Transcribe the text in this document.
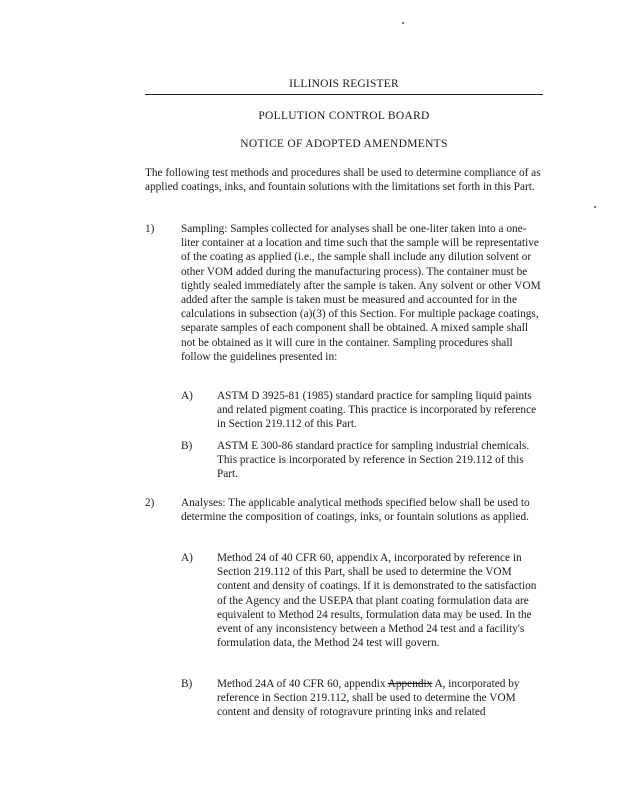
ILLINOIS REGISTER
POLLUTION CONTROL BOARD
NOTICE OF ADOPTED AMENDMENTS

The following test methods and procedures shall be used to determine compliance of as applied coatings, inks, and fountain solutions with the limitations set forth in this Part.

1) Sampling: Samples collected for analyses shall be one-liter taken into a one-liter container at a location and time such that the sample will be representative of the coating as applied (i.e., the sample shall include any dilution solvent or other VOM added during the manufacturing process). The container must be tightly sealed immediately after the sample is taken. Any solvent or other VOM added after the sample is taken must be measured and accounted for in the calculations in subsection (a)(3) of this Section. For multiple package coatings, separate samples of each component shall be obtained. A mixed sample shall not be obtained as it will cure in the container. Sampling procedures shall follow the guidelines presented in:

A) ASTM D 3925-81 (1985) standard practice for sampling liquid paints and related pigment coating. This practice is incorporated by reference in Section 219.112 of this Part.

B) ASTM E 300-86 standard practice for sampling industrial chemicals. This practice is incorporated by reference in Section 219.112 of this Part.

2) Analyses: The applicable analytical methods specified below shall be used to determine the composition of coatings, inks, or fountain solutions as applied.

A) Method 24 of 40 CFR 60, appendix A, incorporated by reference in Section 219.112 of this Part, shall be used to determine the VOM content and density of coatings. If it is demonstrated to the satisfaction of the Agency and the USEPA that plant coating formulation data are equivalent to Method 24 results, formulation data may be used. In the event of any inconsistency between a Method 24 test and a facility's formulation data, the Method 24 test will govern.

B) Method 24A of 40 CFR 60, appendix Appendix A, incorporated by reference in Section 219.112, shall be used to determine the VOM content and density of rotogravure printing inks and related
